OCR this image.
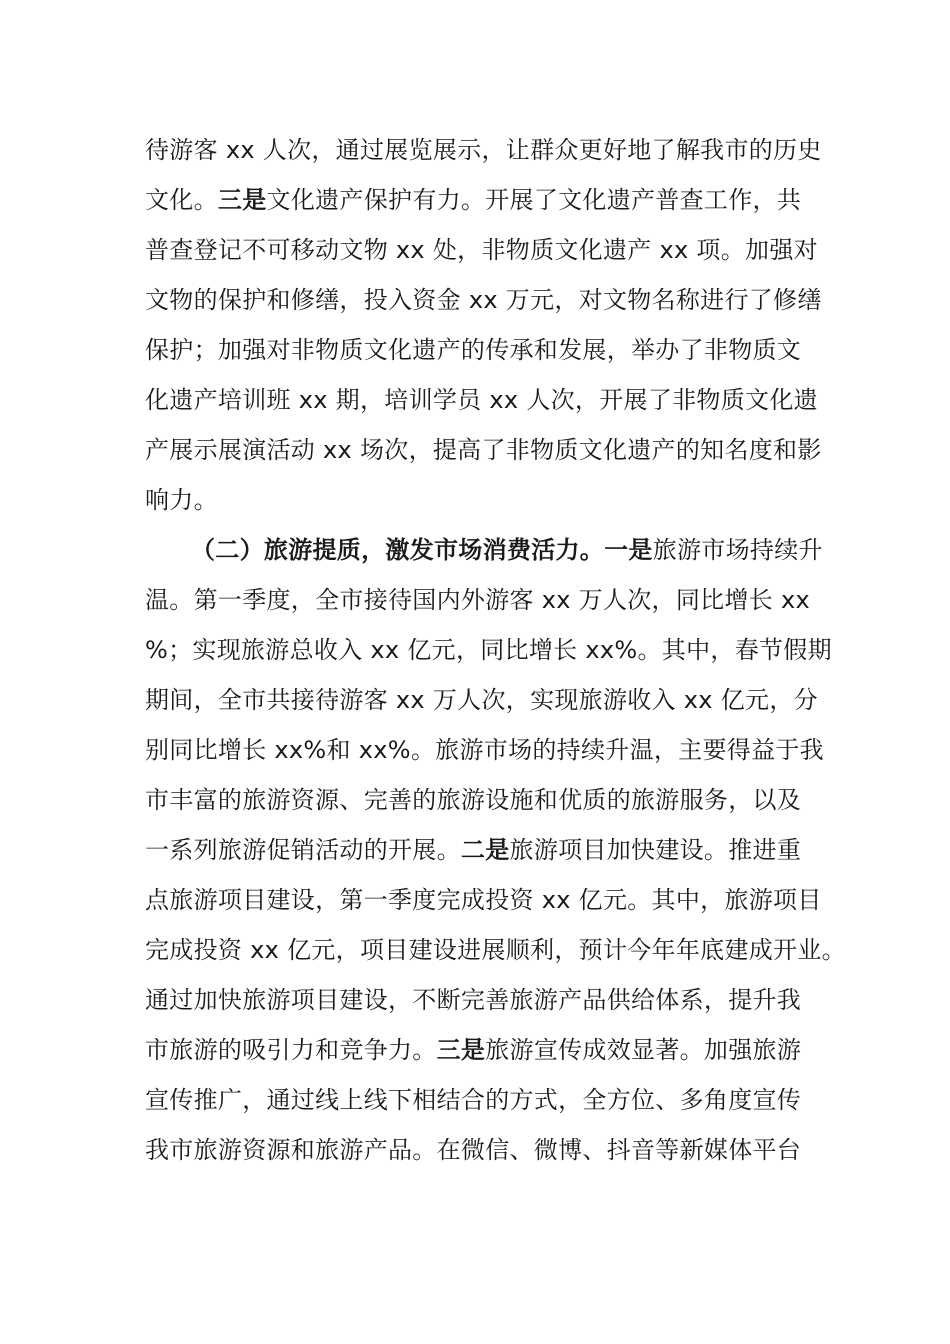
待游客 xx 人次，通过展览展示，让群众更好地了解我市的历史
文化。三是文化遗产保护有力。开展了文化遗产普查工作，共
普查登记不可移动文物 xx 处，非物质文化遗产 xx 项。加强对
文物的保护和修缮，投入资金 xx 万元，对文物名称进行了修缮
保护；加强对非物质文化遗产的传承和发展，举办了非物质文
化遗产培训班 xx 期，培训学员 xx 人次，开展了非物质文化遗
产展示展演活动 xx 场次，提高了非物质文化遗产的知名度和影
响力。
（二）旅游提质，激发市场消费活力。一是旅游市场持续升
温。第一季度，全市接待国内外游客 xx 万人次，同比增长 xx
%；实现旅游总收入 xx 亿元，同比增长 xx%。其中，春节假期
期间，全市共接待游客 xx 万人次，实现旅游收入 xx 亿元，分
别同比增长 xx%和 xx%。旅游市场的持续升温，主要得益于我
市丰富的旅游资源、完善的旅游设施和优质的旅游服务，以及
一系列旅游促销活动的开展。二是旅游项目加快建设。推进重
点旅游项目建设，第一季度完成投资 xx 亿元。其中，旅游项目
完成投资 xx 亿元，项目建设进展顺利，预计今年年底建成开业。
通过加快旅游项目建设，不断完善旅游产品供给体系，提升我
市旅游的吸引力和竞争力。三是旅游宣传成效显著。加强旅游
宣传推广，通过线上线下相结合的方式，全方位、多角度宣传
我市旅游资源和旅游产品。在微信、微博、抖音等新媒体平台
